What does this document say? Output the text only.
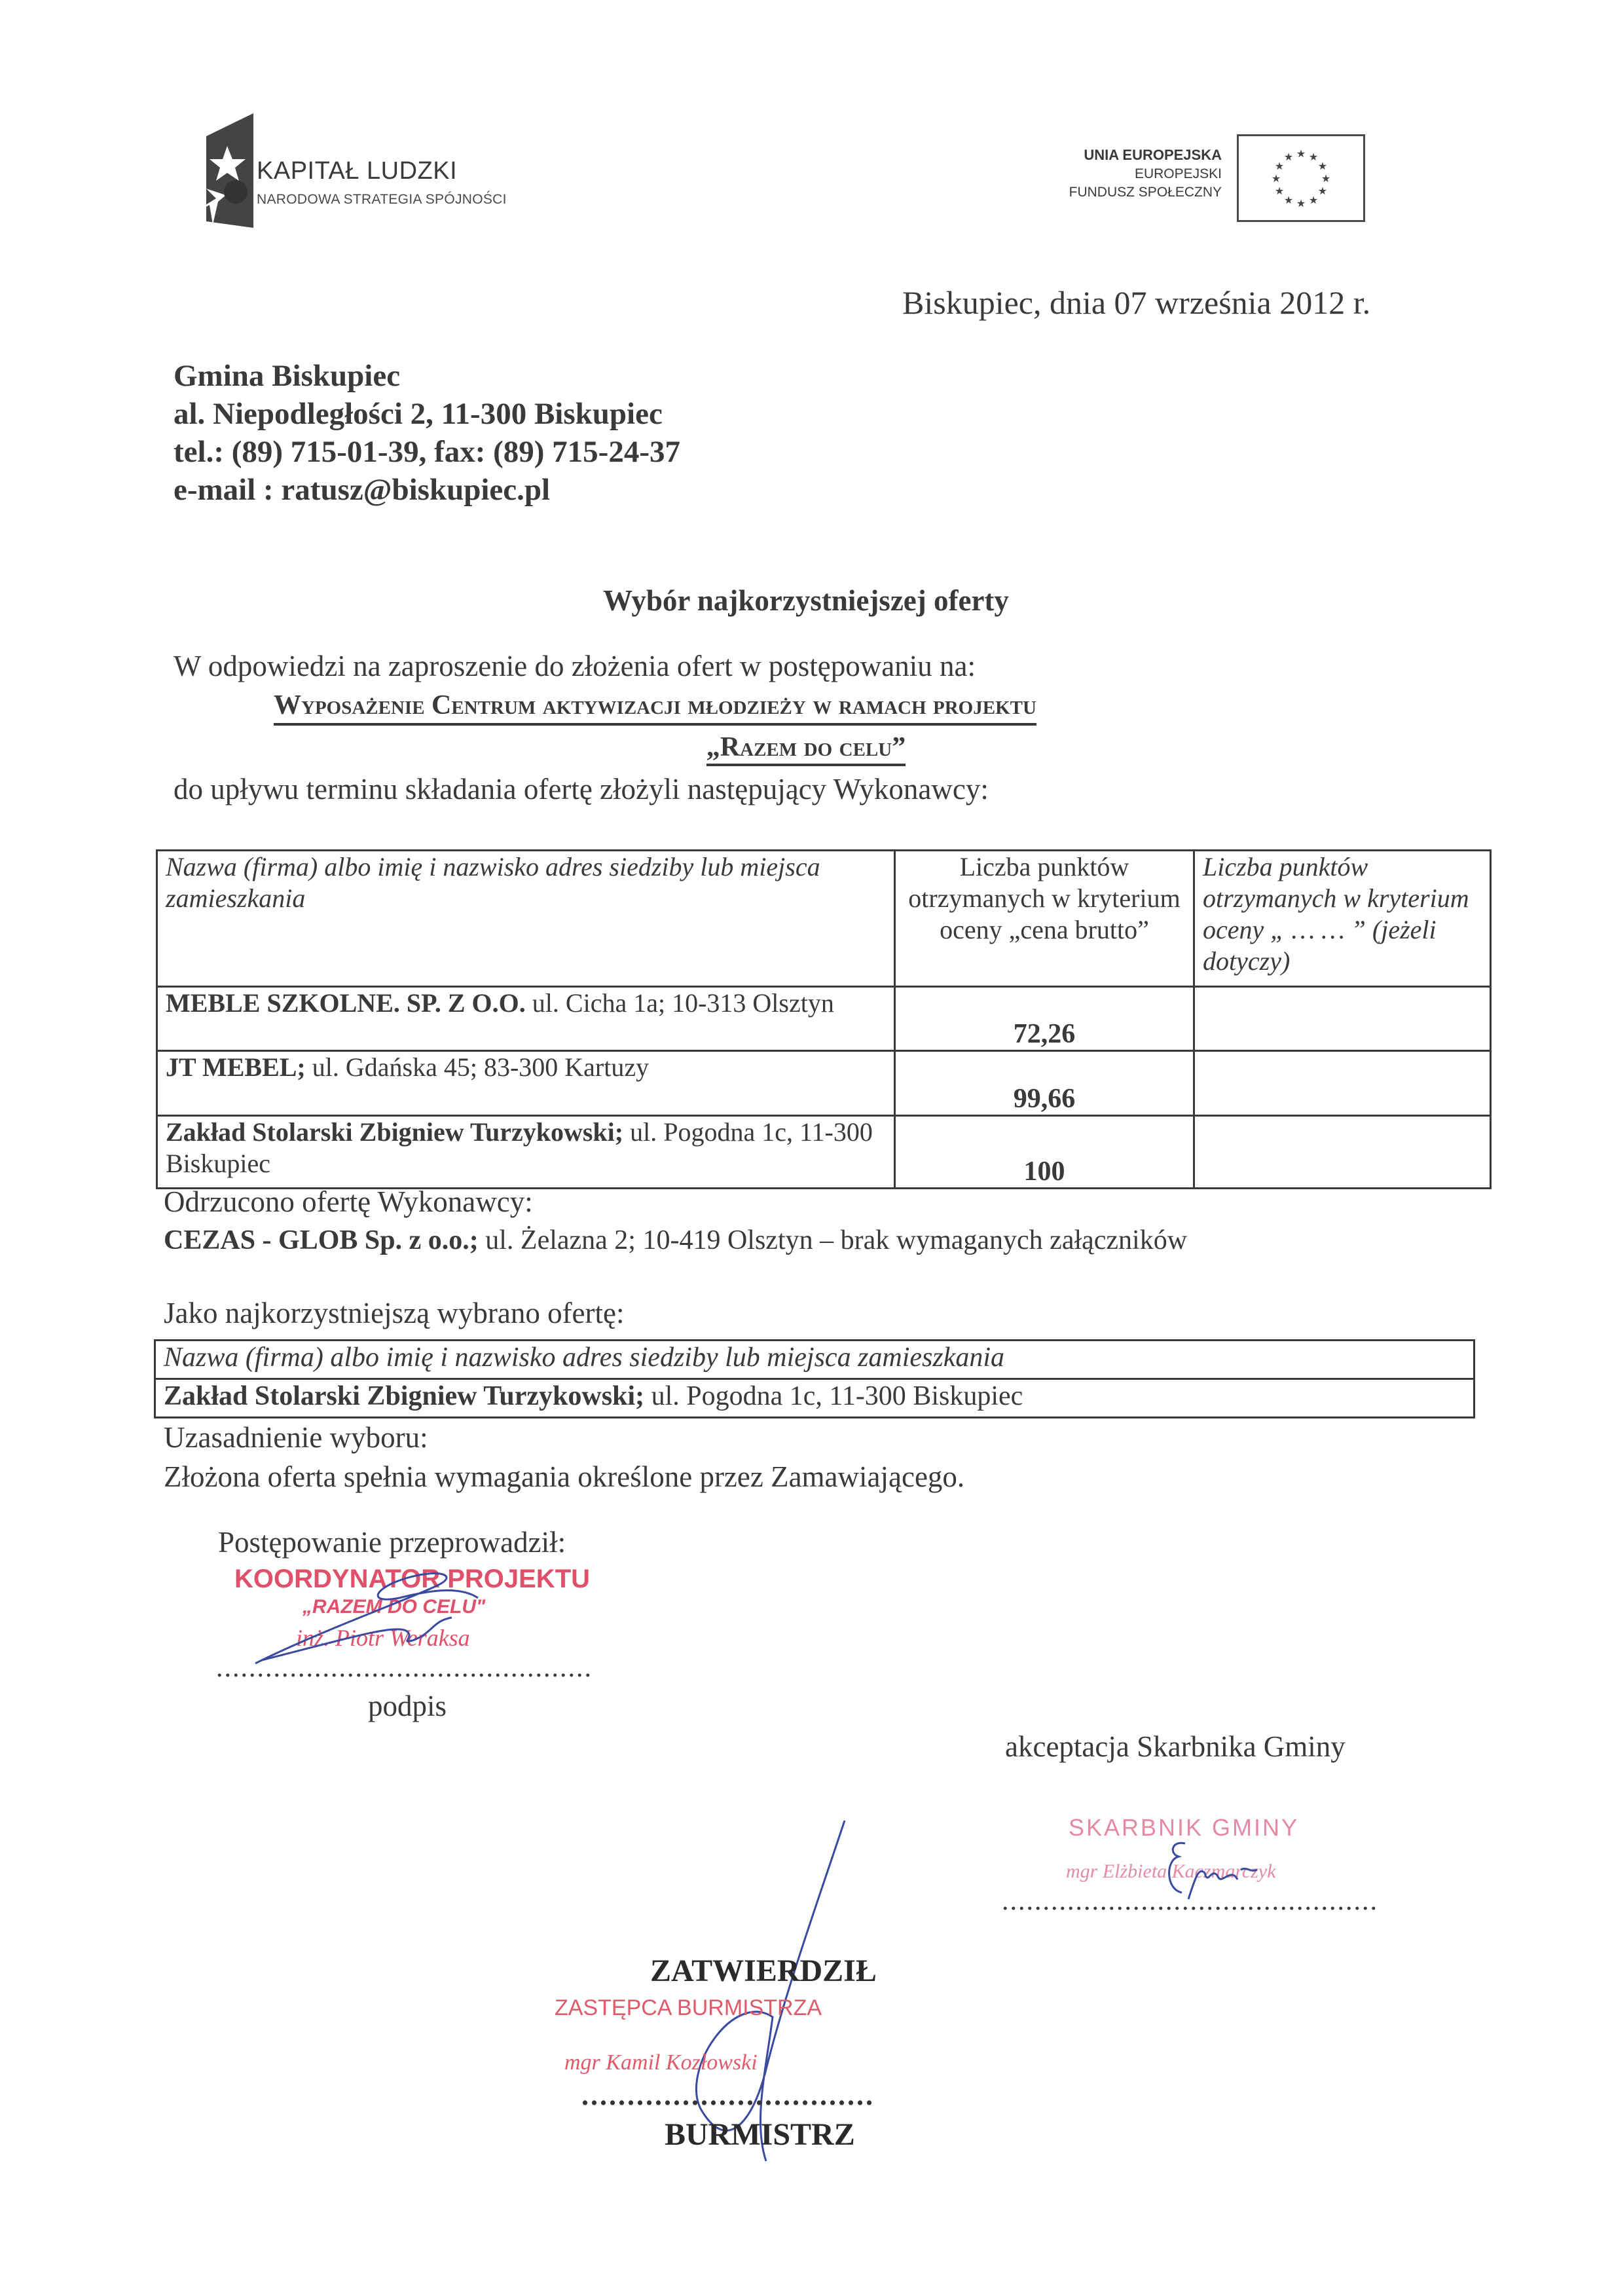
KAPITAŁ LUDZKI
NARODOWA STRATEGIA SPÓJNOŚCI
UNIA EUROPEJSKA
EUROPEJSKI
FUNDUSZ SPOŁECZNY
★ ★
★
★
★
★
★
★
★
★
★
★
Biskupiec, dnia 07 września 2012 r.
Gmina Biskupiec
al. Niepodległości 2, 11-300 Biskupiec
tel.: (89) 715-01-39, fax: (89) 715-24-37
e-mail : ratusz@biskupiec.pl
Wybór najkorzystniejszej oferty
W odpowiedzi na zaproszenie do złożenia ofert w postępowaniu na:
Wyposażenie Centrum aktywizacji młodzieży w ramach projektu
„Razem do celu”
do upływu terminu składania ofertę złożyli następujący Wykonawcy:
Nazwa (firma) albo imię i nazwisko adres siedziby lub miejsca zamieszkania	Liczba punktów otrzymanych w kryterium oceny „cena brutto”	Liczba punktów otrzymanych w kryterium oceny „ … … ” (jeżeli dotyczy)
MEBLE SZKOLNE. SP. Z O.O. ul. Cicha 1a; 10-313 Olsztyn	72,26	
JT MEBEL; ul. Gdańska 45; 83-300 Kartuzy	99,66	
Zakład Stolarski Zbigniew Turzykowski; ul. Pogodna 1c, 11-300 Biskupiec	100	
Odrzucono ofertę Wykonawcy:
CEZAS - GLOB Sp. z o.o.; ul. Żelazna 2; 10-419 Olsztyn – brak wymaganych załączników
Jako najkorzystniejszą wybrano ofertę:
Nazwa (firma) albo imię i nazwisko adres siedziby lub miejsca zamieszkania
Zakład Stolarski Zbigniew Turzykowski; ul. Pogodna 1c, 11-300 Biskupiec
Uzasadnienie wyboru:
Złożona oferta spełnia wymagania określone przez Zamawiającego.
Postępowanie przeprowadził:
KOORDYNATOR PROJEKTU
„RAZEM DO CELU"
inż. Piotr Weraksa
..............................................
podpis
akceptacja Skarbnika Gminy
SKARBNIK GMINY
mgr Elżbieta Kaczmarczyk
..............................................
ZATWIERDZIŁ
ZASTĘPCA BURMISTRZA
mgr Kamil Kozłowski
................................
BURMISTRZ
